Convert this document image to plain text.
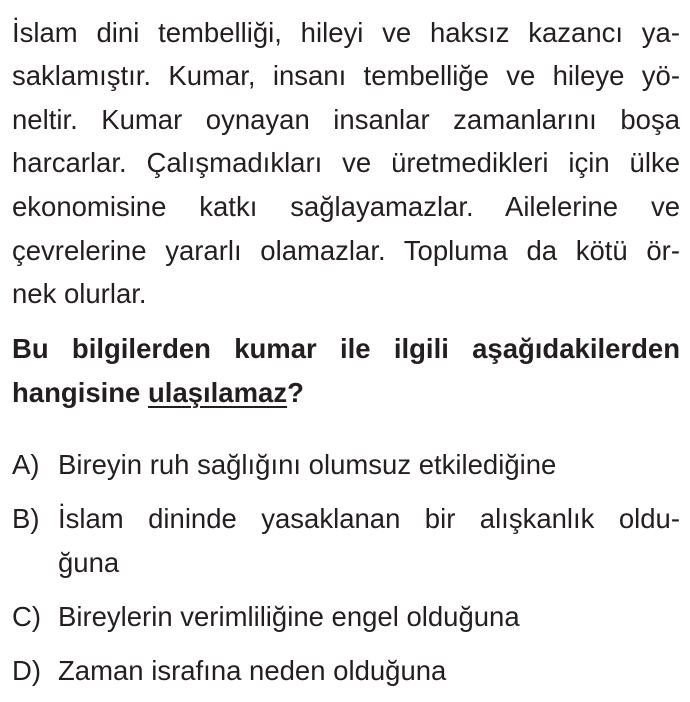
İslam dini tembelliği, hileyi ve haksız kazancı ya-
saklamıştır. Kumar, insanı tembelliğe ve hileye yö-
neltir. Kumar oynayan insanlar zamanlarını boşa
harcarlar. Çalışmadıkları ve üretmedikleri için ülke
ekonomisine katkı sağlayamazlar. Ailelerine ve
çevrelerine yararlı olamazlar. Topluma da kötü ör-
nek olurlar.
Bu bilgilerden kumar ile ilgili aşağıdakilerden
hangisine ulaşılamaz?
A) Bireyin ruh sağlığını olumsuz etkilediğine
B) İslam dininde yasaklanan bir alışkanlık oldu-
ğuna
C) Bireylerin verimliliğine engel olduğuna
D) Zaman israfına neden olduğuna
